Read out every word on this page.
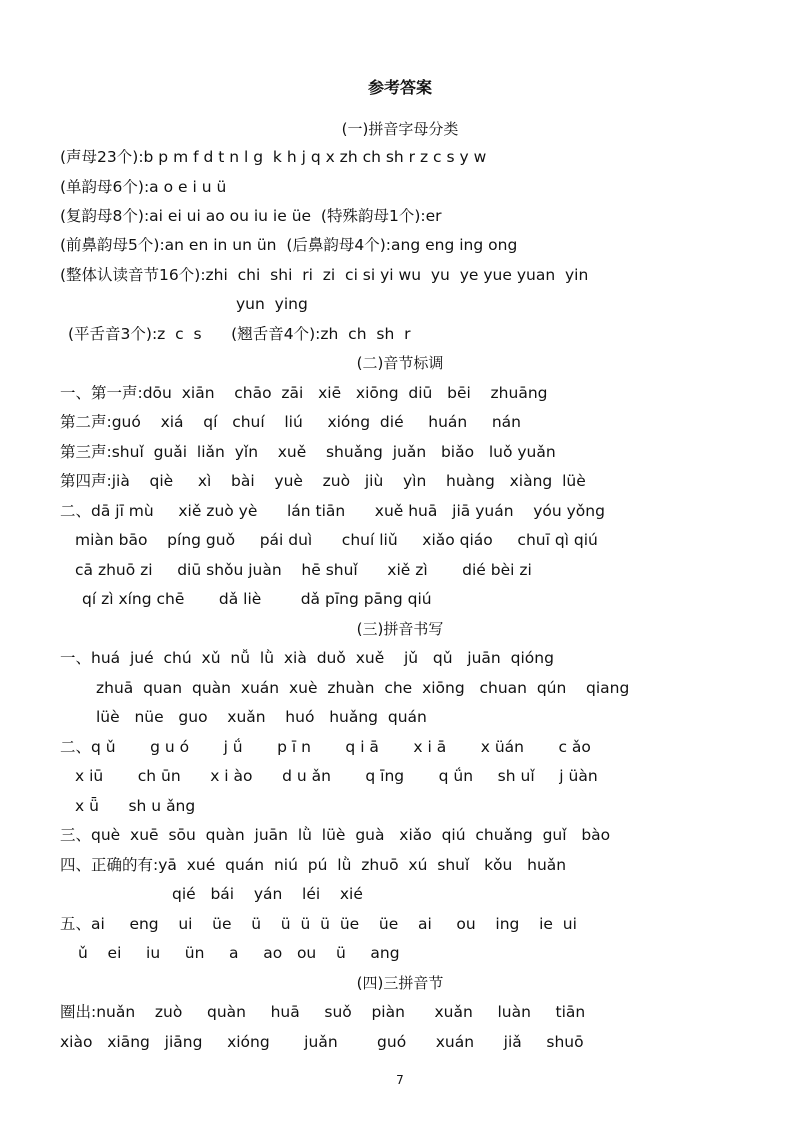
参考答案
(一)拼音字母分类
(声母23个):b p m f d t n l g  k h j q x zh ch sh r z c s y w
(单韵母6个):a o e i u ü
(复韵母8个):ai ei ui ao ou iu ie üe  (特殊韵母1个):er
(前鼻韵母5个):an en in un ün  (后鼻韵母4个):ang eng ing ong
(整体认读音节16个):zhi  chi  shi  ri  zi  ci si yi wu  yu  ye yue yuan  yin
yun  ying
(平舌音3个):z  c  s      (翘舌音4个):zh  ch  sh  r
(二)音节标调
一、第一声:dōu  xiān    chāo  zāi   xiē   xiōng  diū   bēi    zhuāng
第二声:guó    xiá    qí   chuí    liú     xióng  dié     huán     nán
第三声:shuǐ  guǎi  liǎn  yǐn    xuě    shuǎng  juǎn   biǎo   luǒ yuǎn
第四声:jià    qiè     xì    bài    yuè    zuò   jiù    yìn    huàng   xiàng  lüè
二、dā jī mù     xiě zuò yè      lán tiān      xuě huā   jiā yuán    yóu yǒng
miàn bāo    píng guǒ     pái duì      chuí liǔ     xiǎo qiáo     chuī qì qiú
cā zhuō zi     diū shǒu juàn    hē shuǐ      xiě zì       dié bèi zi
qí zì xíng chē       dǎ liè        dǎ pīng pāng qiú
(三)拼音书写
一、huá  jué  chú  xǔ  nǚ  lǜ  xià  duǒ  xuě    jǔ   qǔ   juān  qióng
zhuā  quan  quàn  xuán  xuè  zhuàn  che  xiōng   chuan  qún    qiang
lüè   nüe   guo    xuǎn    huó   huǎng  quán
二、q ǔ       g u ó       j ǘ       p ī n       q i ā       x i ā       x üán       c ǎo
x iū       ch ūn      x i ào      d u ǎn       q īng       q ǘn     sh uǐ     j üàn
x ǖ      sh u ǎng
三、què  xuē  sōu  quàn  juān  lǜ  lüè  guà   xiǎo  qiú  chuǎng  guǐ   bào
四、正确的有:yā  xué  quán  niú  pú  lǜ  zhuō  xú  shuǐ   kǒu   huǎn
qié   bái    yán    léi    xié
五、ai     eng    ui    üe    ü    ü  ü  ü  üe    üe    ai     ou    ing    ie  ui
ǔ    ei     iu     ün     a     ao   ou    ü     ang
(四)三拼音节
圈出:nuǎn    zuò     quàn     huā     suǒ    piàn      xuǎn     luàn     tiān
xiào   xiāng   jiāng     xióng       juǎn        guó      xuán      jiǎ     shuō
7
